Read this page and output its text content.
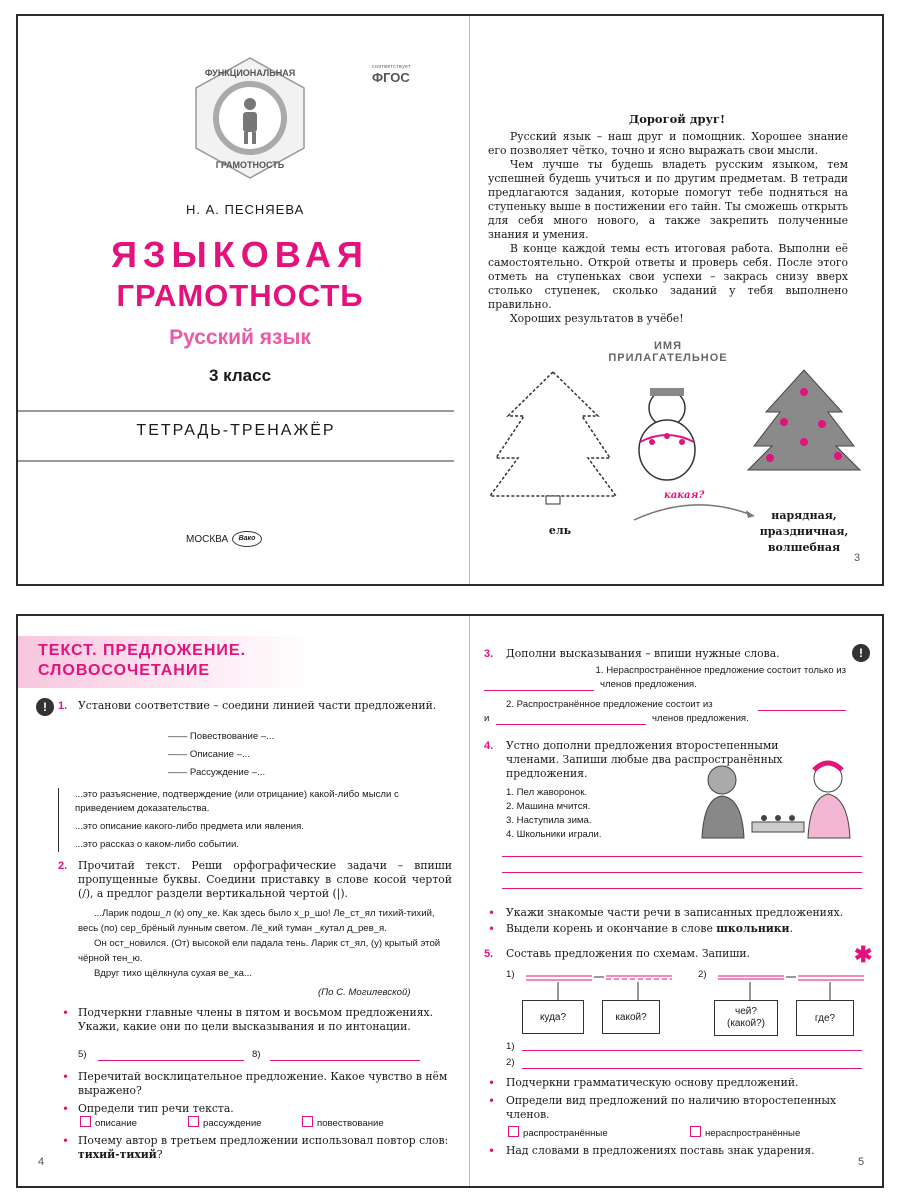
ФУНКЦИОНАЛЬНАЯ
ГРАМОТНОСТЬ
соответствует
ФГОС
Н. А. ПЕСНЯЕВА
ЯЗЫКОВАЯ
ГРАМОТНОСТЬ
Русский язык
3 класс
ТЕТРАДЬ-ТРЕНАЖЁР
МОСКВА	Вако
Дорогой друг!

Русский язык – наш друг и помощник. Хорошее знание его позволяет чётко, точно и ясно выражать свои мысли.

Чем лучше ты будешь владеть русским языком, тем успешней будешь учиться и по другим предметам. В тетради предлагаются задания, которые помогут тебе подняться на ступеньку выше в постижении его тайн. Ты сможешь открыть для себя много нового, а также закрепить полученные знания и умения.

В конце каждой темы есть итоговая работа. Выполни её самостоятельно. Открой ответы и проверь себя. После этого отметь на ступеньках свои успехи – закрась снизу вверх столько ступенек, сколько заданий у тебя выполнено правильно.

Хороших результатов в учёбе!

ИМЯ
ПРИЛАГАТЕЛЬНОЕ
какая?
ель
нарядная,
праздничная,
волшебная
3
ТЕКСТ. ПРЕДЛОЖЕНИЕ.
СЛОВОСОЧЕТАНИЕ
!	1. Установи соответствие – соедини линией части предложений.
—— Повествование –...
—— Описание –...
—— Рассуждение –...
...это разъяснение, подтверждение (или отрицание) какой-либо мысли с приведением доказательства.
...это описание какого-либо предмета или явления.
...это рассказ о каком-либо событии.
2. Прочитай текст. Реши орфографические задачи – впиши пропущенные буквы. Соедини приставку в слове косой чертой (/), а предлог раздели вертикальной чертой (|).
...Ларик подош_л (к) опу_ке. Как здесь было х_р_шо! Ле_ст_ял тихий-тихий, весь (по) сер_брёный лунным светом. Лё_кий туман _кутал д_рев_я.
Он ост_новился. (От) высокой ели падала тень. Ларик ст_ял, (у) крытый этой чёрной тен_ю.
Вдруг тихо щёлкнула сухая ве_ка...
(По С. Могилевской)
• Подчеркни главные члены в пятом и восьмом предложениях. Укажи, какие они по цели высказывания и по интонации.
5)	8)
• Перечитай восклицательное предложение. Какое чувство в нём выражено?
• Определи тип речи текста.
описание	рассуждение	повествование
• Почему автор в третьем предложении использовал повтор слов: тихий-тихий?
4
3. Дополни высказывания – впиши нужные слова.	!
1. Нераспространённое предложение состоит только из
членов предложения.
2. Распространённое предложение состоит из
и	членов предложения.
4. Устно дополни предложения второстепенными членами. Запиши любые два распространённых предложения.
1. Пел жаворонок.
2. Машина мчится.
3. Наступила зима.
4. Школьники играли.
• Укажи знакомые части речи в записанных предложениях.
• Выдели корень и окончание в слове школьники.
5. Составь предложения по схемам. Запиши.	✱
1)
куда?	какой?
2)
чей? (какой?)	где?
1)
2)
• Подчеркни грамматическую основу предложений.
• Определи вид предложений по наличию второстепенных членов.
распространённые	нераспространённые
• Над словами в предложениях поставь знак ударения.
5
